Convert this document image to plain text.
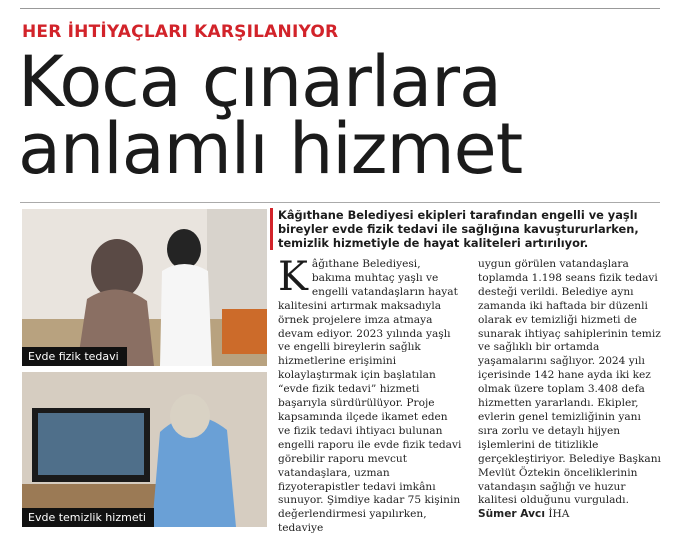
HER İHTİYAÇLARI KARŞILANIYOR
Koca çınarlara
anlamlı hizmet
Evde fizik tedavi
Evde temizlik hizmeti
Kâğıthane Belediyesi ekipleri tarafından engelli ve yaşlı bireyler evde fizik tedavi ile sağlığına kavuştururlarken, temizlik hizmetiyle de hayat kaliteleri artırılıyor.
Kâğıthane Belediyesi, bakıma muhtaç yaşlı ve engelli vatandaşların hayat kalitesini artırmak maksadıyla örnek projelere imza atmaya devam ediyor. 2023 yılında yaşlı ve engelli bireylerin sağlık hizmetlerine erişimini kolaylaştırmak için başlatılan “evde fizik tedavi” hizmeti başarıyla sürdürülüyor. Proje kapsamında ilçede ikamet eden ve fizik tedavi ihtiyacı bulunan engelli raporu ile evde fizik tedavi görebilir raporu mevcut vatandaşlara, uzman fizyoterapistler tedavi imkânı sunuyor. Şimdiye kadar 75 kişinin değerlendirmesi yapılırken, tedaviye
uygun görülen vatandaşlara toplamda 1.198 seans fizik tedavi desteği verildi. Belediye aynı zamanda iki haftada bir düzenli olarak ev temizliği hizmeti de sunarak ihtiyaç sahiplerinin temiz ve sağlıklı bir ortamda yaşamalarını sağlıyor. 2024 yılı içerisinde 142 hane ayda iki kez olmak üzere toplam 3.408 defa hizmetten yararlandı. Ekipler, evlerin genel temizliğinin yanı sıra zorlu ve detaylı hijyen işlemlerini de titizlikle gerçekleştiriyor. Belediye Başkanı Mevlüt Öztekin önceliklerinin vatandaşın sağlığı ve huzur kalitesi olduğunu vurguladı. Sümer Avcı İHA
